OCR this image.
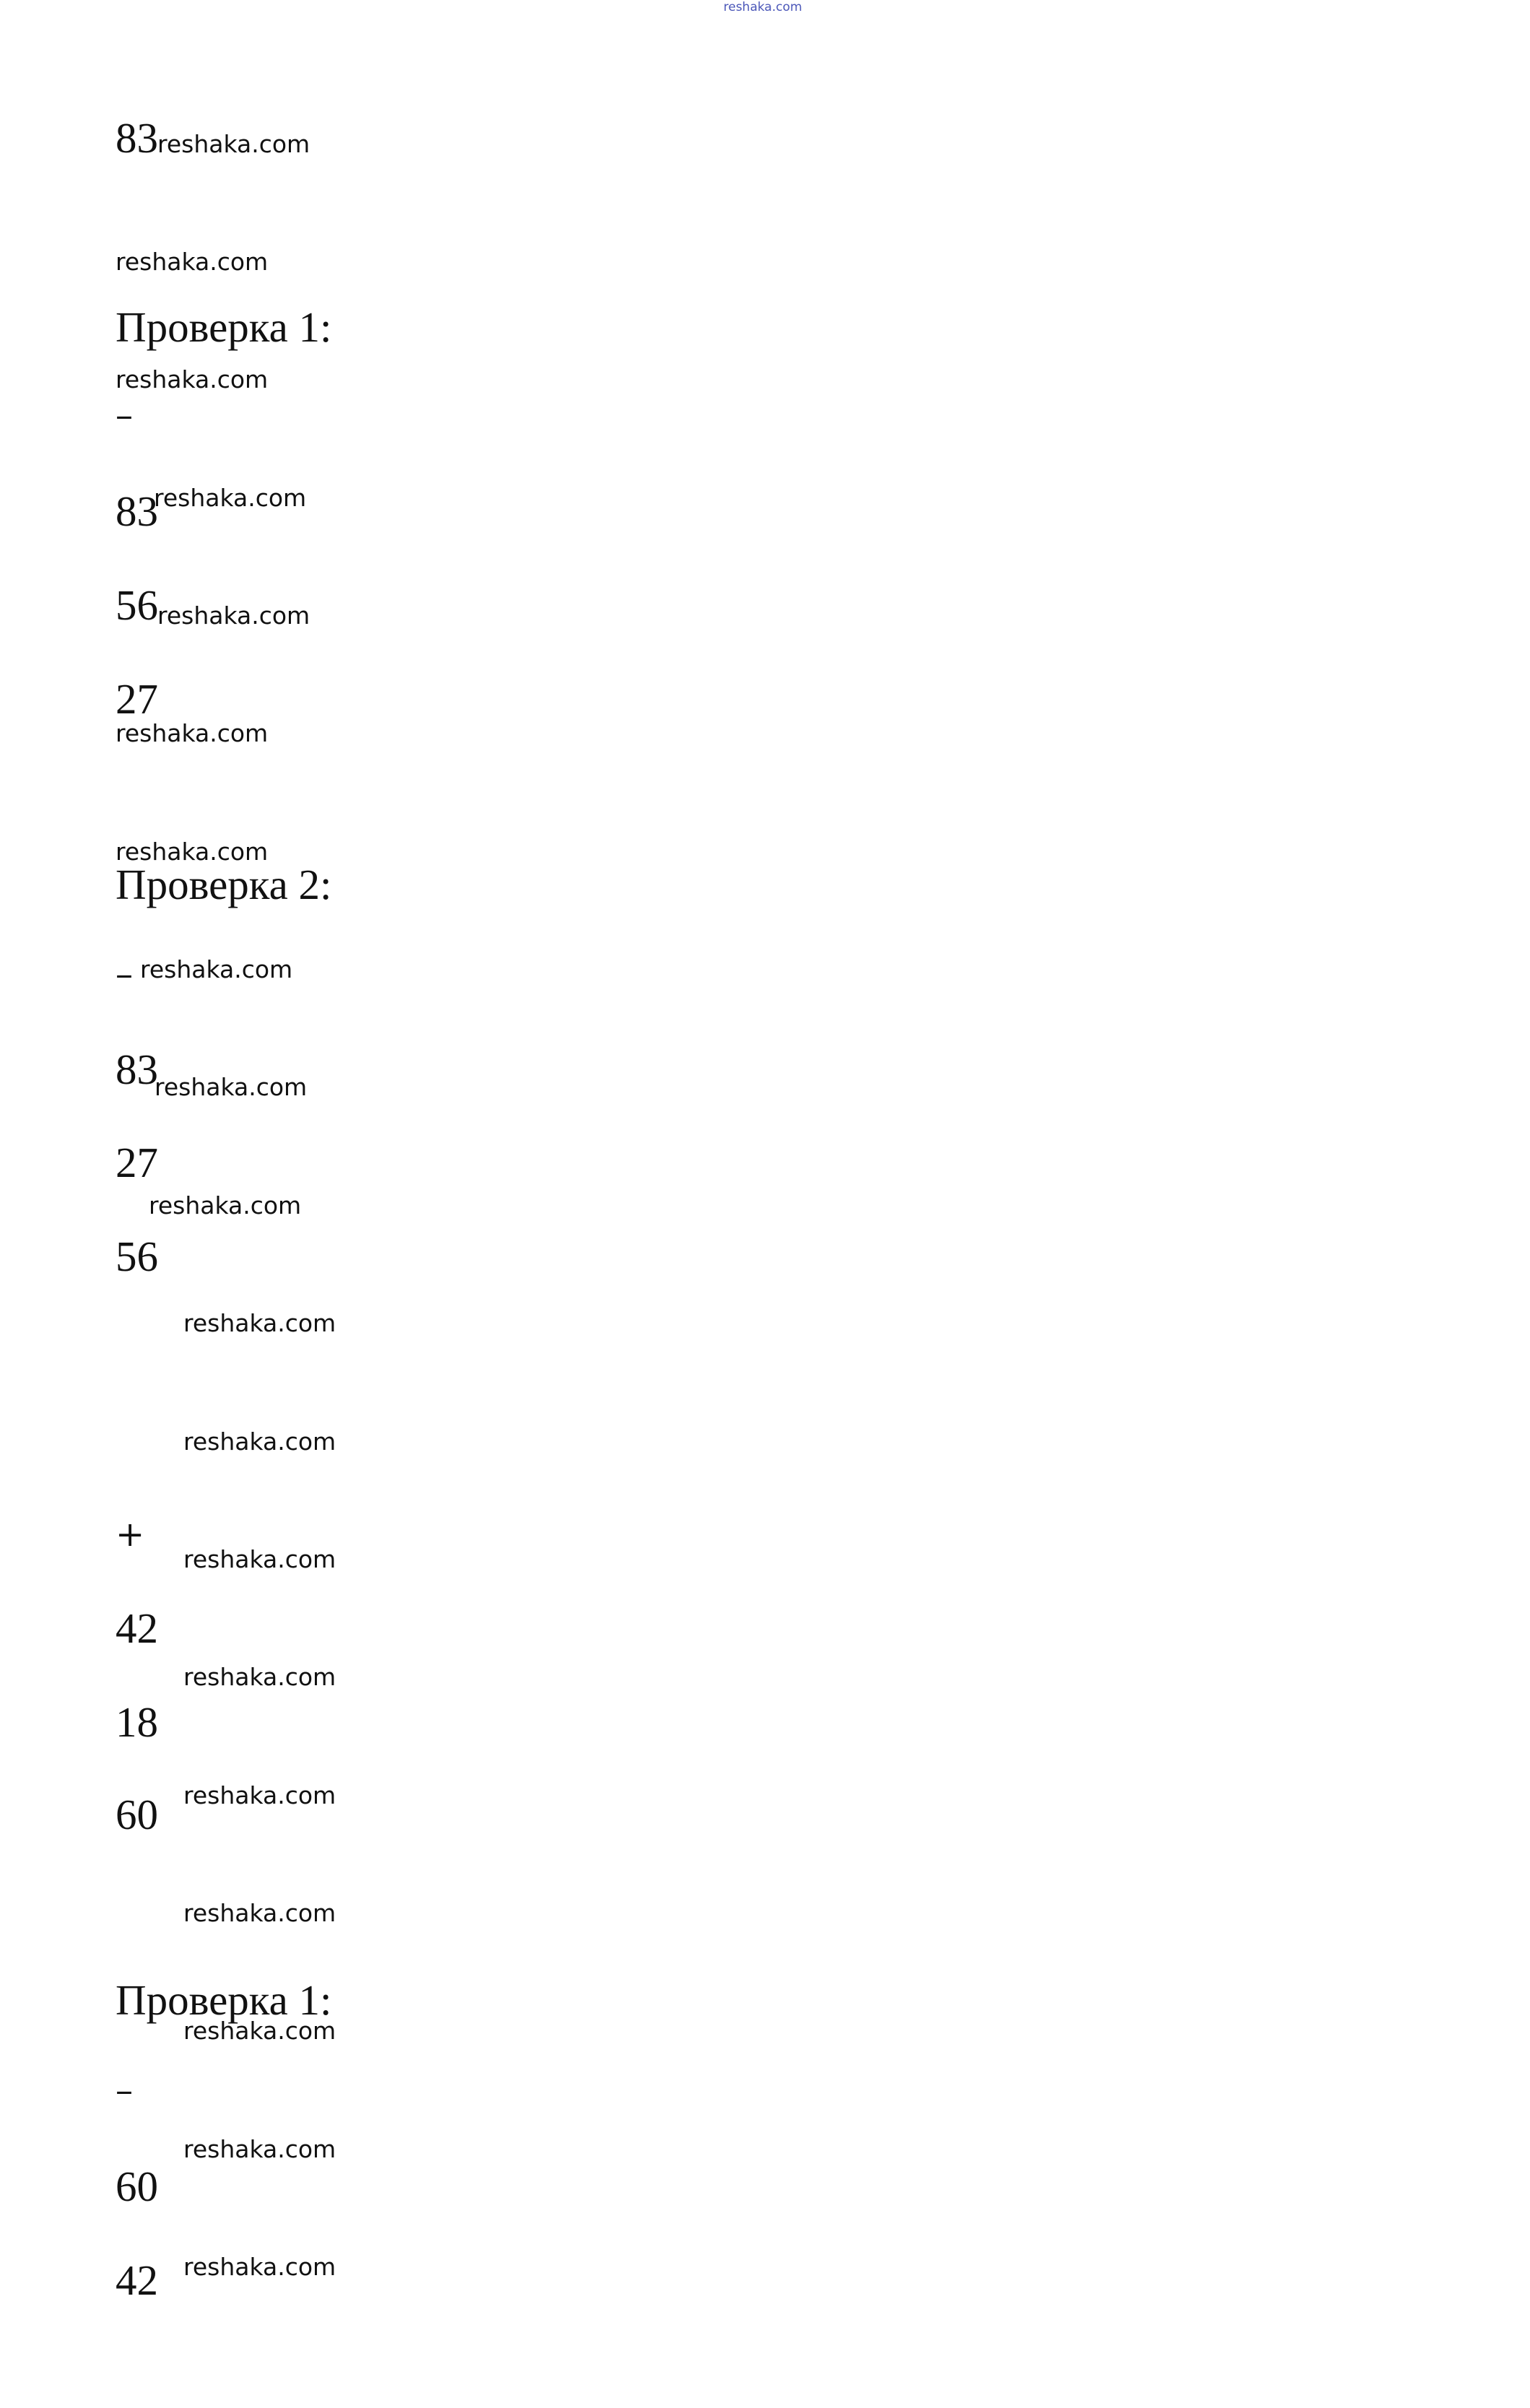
reshaka.com
83
Проверка 1:
–
83
56
27
Проверка 2:
–
83
27
56
+
42
18
60
Проверка 1:
–
60
42
reshaka.com
reshaka.com
reshaka.com
reshaka.com
reshaka.com
reshaka.com
reshaka.com
reshaka.com
reshaka.com
reshaka.com
reshaka.com
reshaka.com
reshaka.com
reshaka.com
reshaka.com
reshaka.com
reshaka.com
reshaka.com
reshaka.com
